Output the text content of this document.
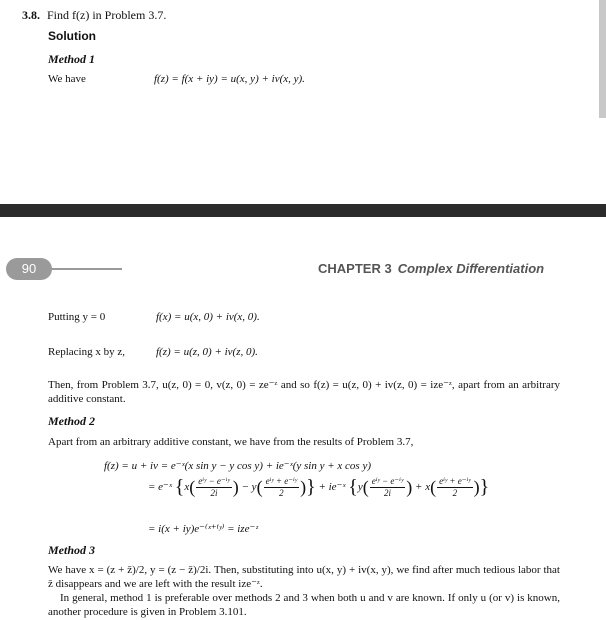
3.8. Find f(z) in Problem 3.7.
Solution
Method 1
We have	f(z) = f(x + iy) = u(x, y) + iv(x, y).
90	CHAPTER 3 Complex Differentiation
Putting y = 0	f(x) = u(x, 0) + iv(x, 0).
Replacing x by z,	f(z) = u(z, 0) + iv(z, 0).
Then, from Problem 3.7, u(z, 0) = 0, v(z, 0) = ze⁻ᶻ and so f(z) = u(z, 0) + iv(z, 0) = ize⁻ᶻ, apart from an arbitrary additive constant.
Method 2
Apart from an arbitrary additive constant, we have from the results of Problem 3.7,
f(z) = u + iv = e⁻ˣ(x sin y − y cos y) + ie⁻ˣ(y sin y + x cos y)
= e⁻ˣ {$x( \frac{\text{eⁱʸ − e⁻ⁱʸ}}{2i}$ ) − $y( \frac{\text{eⁱʸ + e⁻ⁱʸ}}{2}$ )} + ie⁻ˣ {$y( \frac{\text{eⁱʸ − e⁻ⁱʸ}}{2i}$ ) + $x( \frac{\text{eⁱʸ + e⁻ⁱʸ}}{2}$ )}
= i(x + iy)e⁻⁽ˣ⁺ⁱʸ⁾ = ize⁻ᶻ
Method 3
We have x = (z + z̄)/2, y = (z − z̄)/2i. Then, substituting into u(x, y) + iv(x, y), we find after much tedious labor that z̄ disappears and we are left with the result ize⁻ᶻ.
In general, method 1 is preferable over methods 2 and 3 when both u and v are known. If only u (or v) is known, another procedure is given in Problem 3.101.
